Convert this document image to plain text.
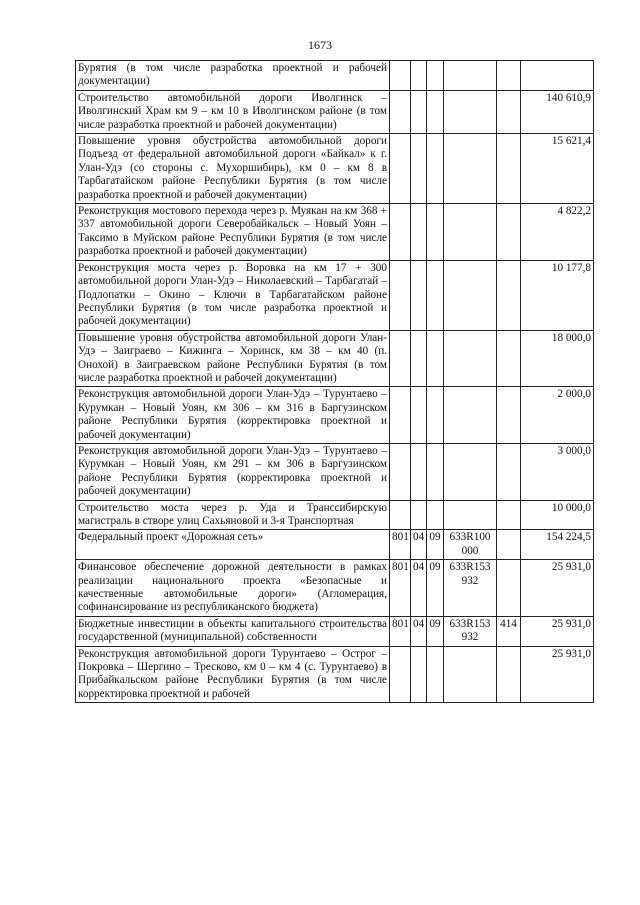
1673
Бурятия (в том числе разработка проектной и рабочей документации)						
Строительство автомобильной дороги Иволгинск – Иволгинский Храм км 9 – км 10 в Иволгинском районе (в том числе разработка проектной и рабочей документации)						140 610,9
Повышение уровня обустройства автомобильной дороги Подъезд от федеральной автомобильной дороги «Байкал» к г. Улан-Удэ (со стороны с. Мухоршибирь), км 0 – км 8 в Тарбагатайском районе Республики Бурятия (в том числе разработка проектной и рабочей документации)						15 621,4
Реконструкция мостового перехода через р. Муякан на км 368 + 337 автомобильной дороги Северобайкальск – Новый Уоян – Таксимо в Муйском районе Республики Бурятия (в том числе разработка проектной и рабочей документации)						4 822,2
Реконструкция моста через р. Воровка на км 17 + 300 автомобильной дороги Улан-Удэ – Николаевский – Тарбагатай – Подлопатки – Окино – Ключи в Тарбагатайском районе Республики Бурятия (в том числе разработка проектной и рабочей документации)						10 177,8
Повышение уровня обустройства автомобильной дороги Улан-Удэ – Заиграево – Кижинга – Хоринск, км 38 – км 40 (п. Онохой) в Заиграевском районе Республики Бурятия (в том числе разработка проектной и рабочей документации)						18 000,0
Реконструкция автомобильной дороги Улан-Удэ – Турунтаево – Курумкан – Новый Уоян, км 306 – км 316 в Баргузинском районе Республики Бурятия (корректировка проектной и рабочей документации)						2 000,0
Реконструкция автомобильной дороги Улан-Удэ – Турунтаево – Курумкан – Новый Уоян, км 291 – км 306 в Баргузинском районе Республики Бурятия (корректировка проектной и рабочей документации)						3 000,0
Строительство моста через р. Уда и Транссибирскую магистраль в створе улиц Сахьяновой и 3-я Транспортная						10 000,0
Федеральный проект «Дорожная сеть»	801	04	09	633R100 000		154 224,5
Финансовое обеспечение дорожной деятельности в рамках реализации национального проекта «Безопасные и качественные автомобильные дороги» (Агломерация, софинансирование из республиканского бюджета)	801	04	09	633R153 932		25 931,0
Бюджетные инвестиции в объекты капитального строительства государственной (муниципальной) собственности	801	04	09	633R153 932	414	25 931,0
Реконструкция автомобильной дороги Турунтаево – Острог – Покровка – Шергино – Тресково, км 0 – км 4 (с. Турунтаево) в Прибайкальском районе Республики Бурятия (в том числе корректировка проектной и рабочей						25 931,0
